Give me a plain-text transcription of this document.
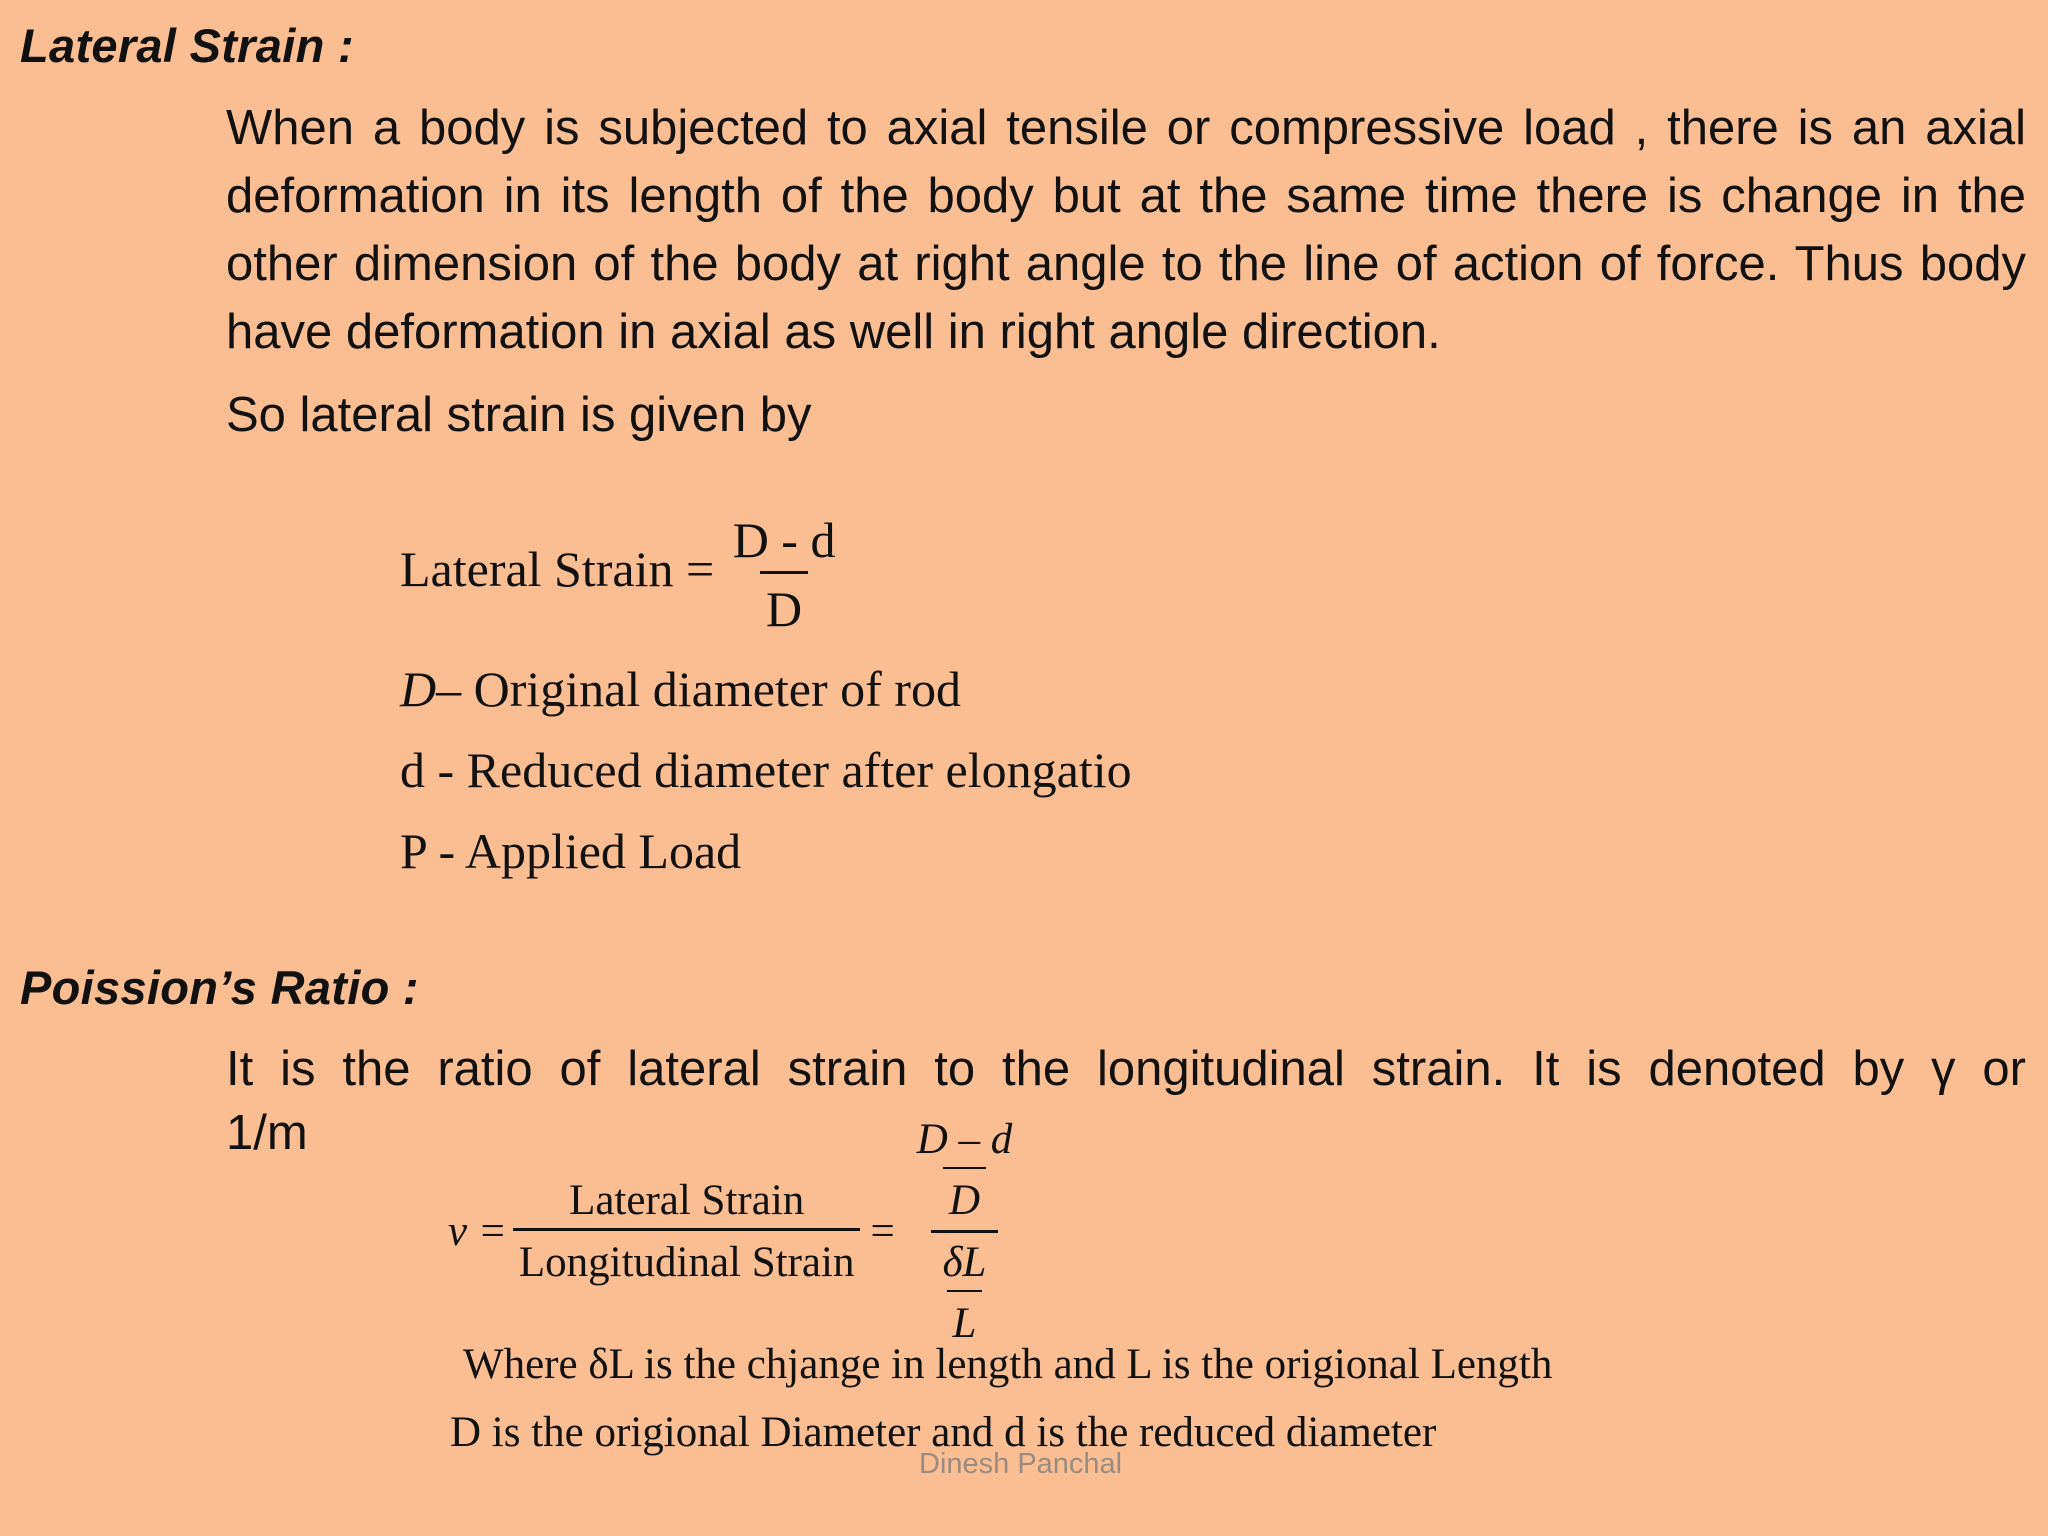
Lateral Strain :
When a body is subjected to axial tensile or compressive load , there is an axial deformation in its length of the body but at the same time there is change in the other dimension of the body at right angle to the line of action of force. Thus body have deformation in axial as well in right angle direction.
So lateral strain is given by
Lateral Strain = $\frac{D - d}{D}$
D– Original diameter of rod
d - Reduced diameter after elongatio
P - Applied Load
Poission’s Ratio :
It is the ratio of lateral strain to the longitudinal strain. It is denoted by γ or
1/m
$v = \frac{\text{Lateral Strain}}{\text{Longitudinal Strain}} = \frac{\frac{D - d}{D}}{\frac{\delta L}{L}}$
Where δL is the chjange in length and L is the origional Length
D is the origional Diameter and d is the reduced diameter
Dinesh Panchal
